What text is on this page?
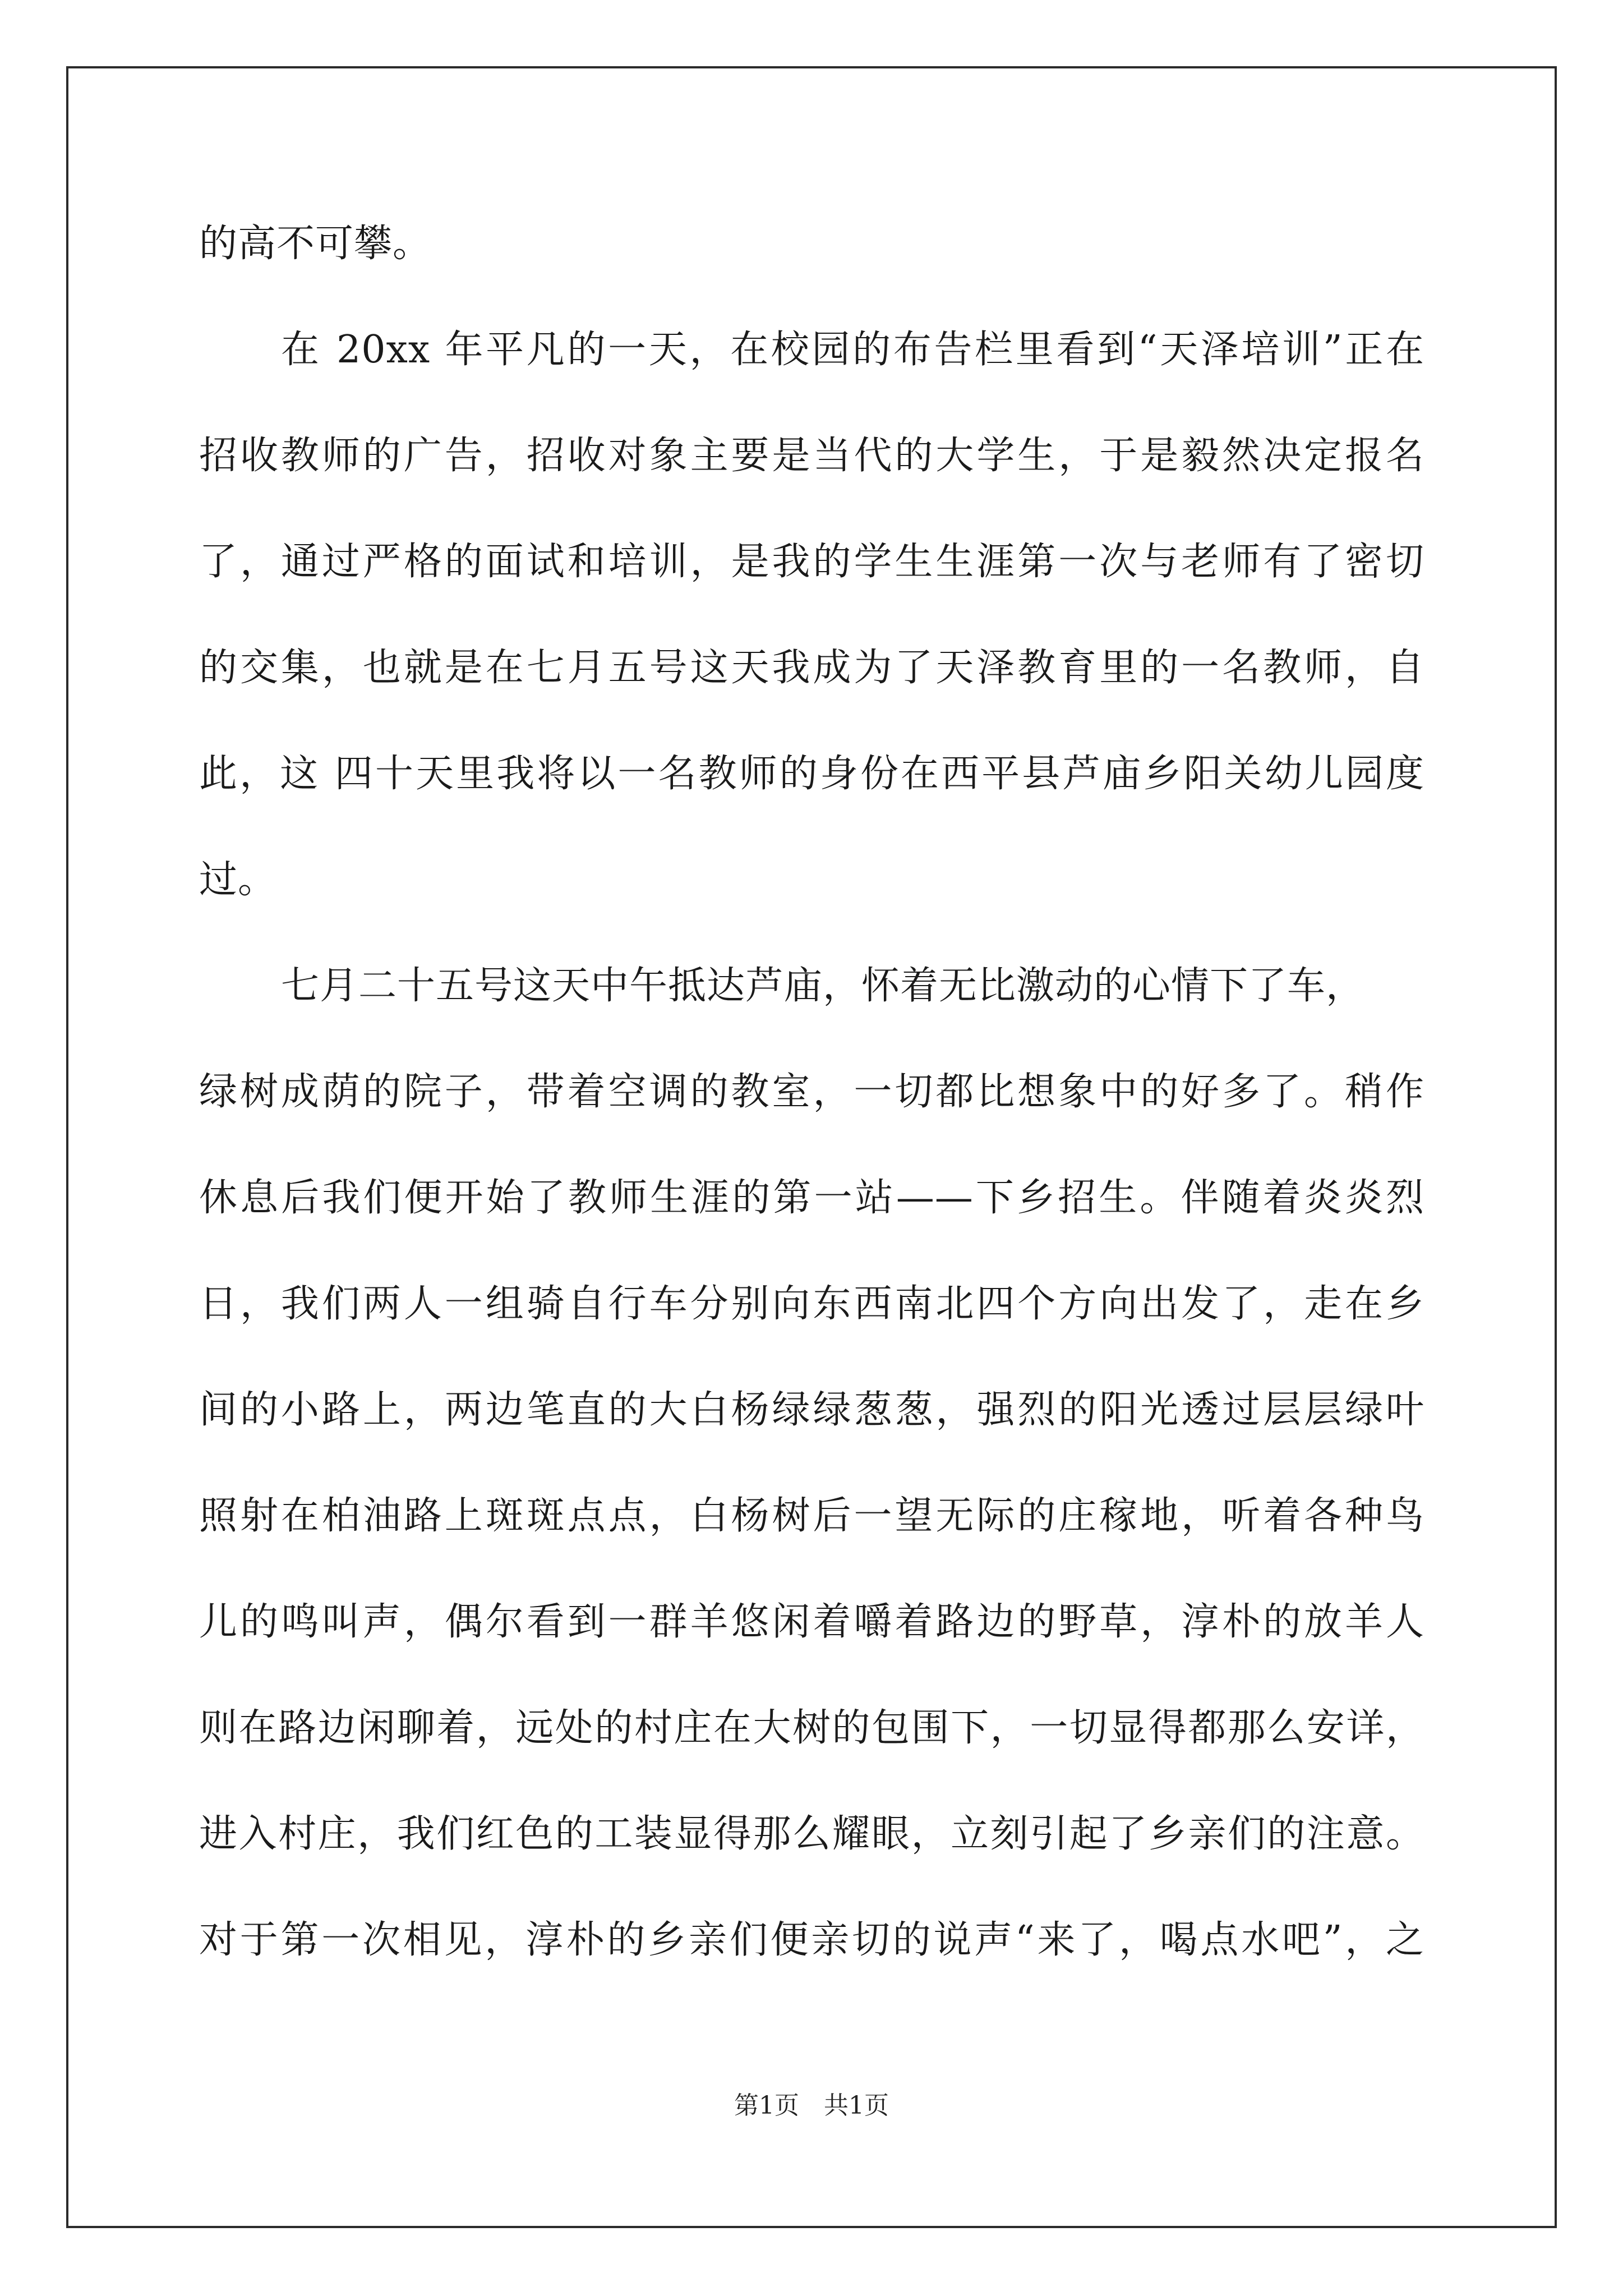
的高不可攀。
在 20xx 年平凡的一天，在校园的布告栏里看到“天泽培训”正在
招收教师的广告，招收对象主要是当代的大学生，于是毅然决定报名
了，通过严格的面试和培训，是我的学生生涯第一次与老师有了密切
的交集，也就是在七月五号这天我成为了天泽教育里的一名教师，自
此，这 四十天里我将以一名教师的身份在西平县芦庙乡阳关幼儿园度
过。
七月二十五号这天中午抵达芦庙，怀着无比激动的心情下了车，
绿树成荫的院子，带着空调的教室，一切都比想象中的好多了。稍作
休息后我们便开始了教师生涯的第一站——下乡招生。伴随着炎炎烈
日，我们两人一组骑自行车分别向东西南北四个方向出发了，走在乡
间的小路上，两边笔直的大白杨绿绿葱葱，强烈的阳光透过层层绿叶
照射在柏油路上斑斑点点，白杨树后一望无际的庄稼地，听着各种鸟
儿的鸣叫声，偶尔看到一群羊悠闲着嚼着路边的野草，淳朴的放羊人
则在路边闲聊着，远处的村庄在大树的包围下，一切显得都那么安详，
进入村庄，我们红色的工装显得那么耀眼，立刻引起了乡亲们的注意。
对于第一次相见，淳朴的乡亲们便亲切的说声“来了，喝点水吧”，之
第1页 共1页
